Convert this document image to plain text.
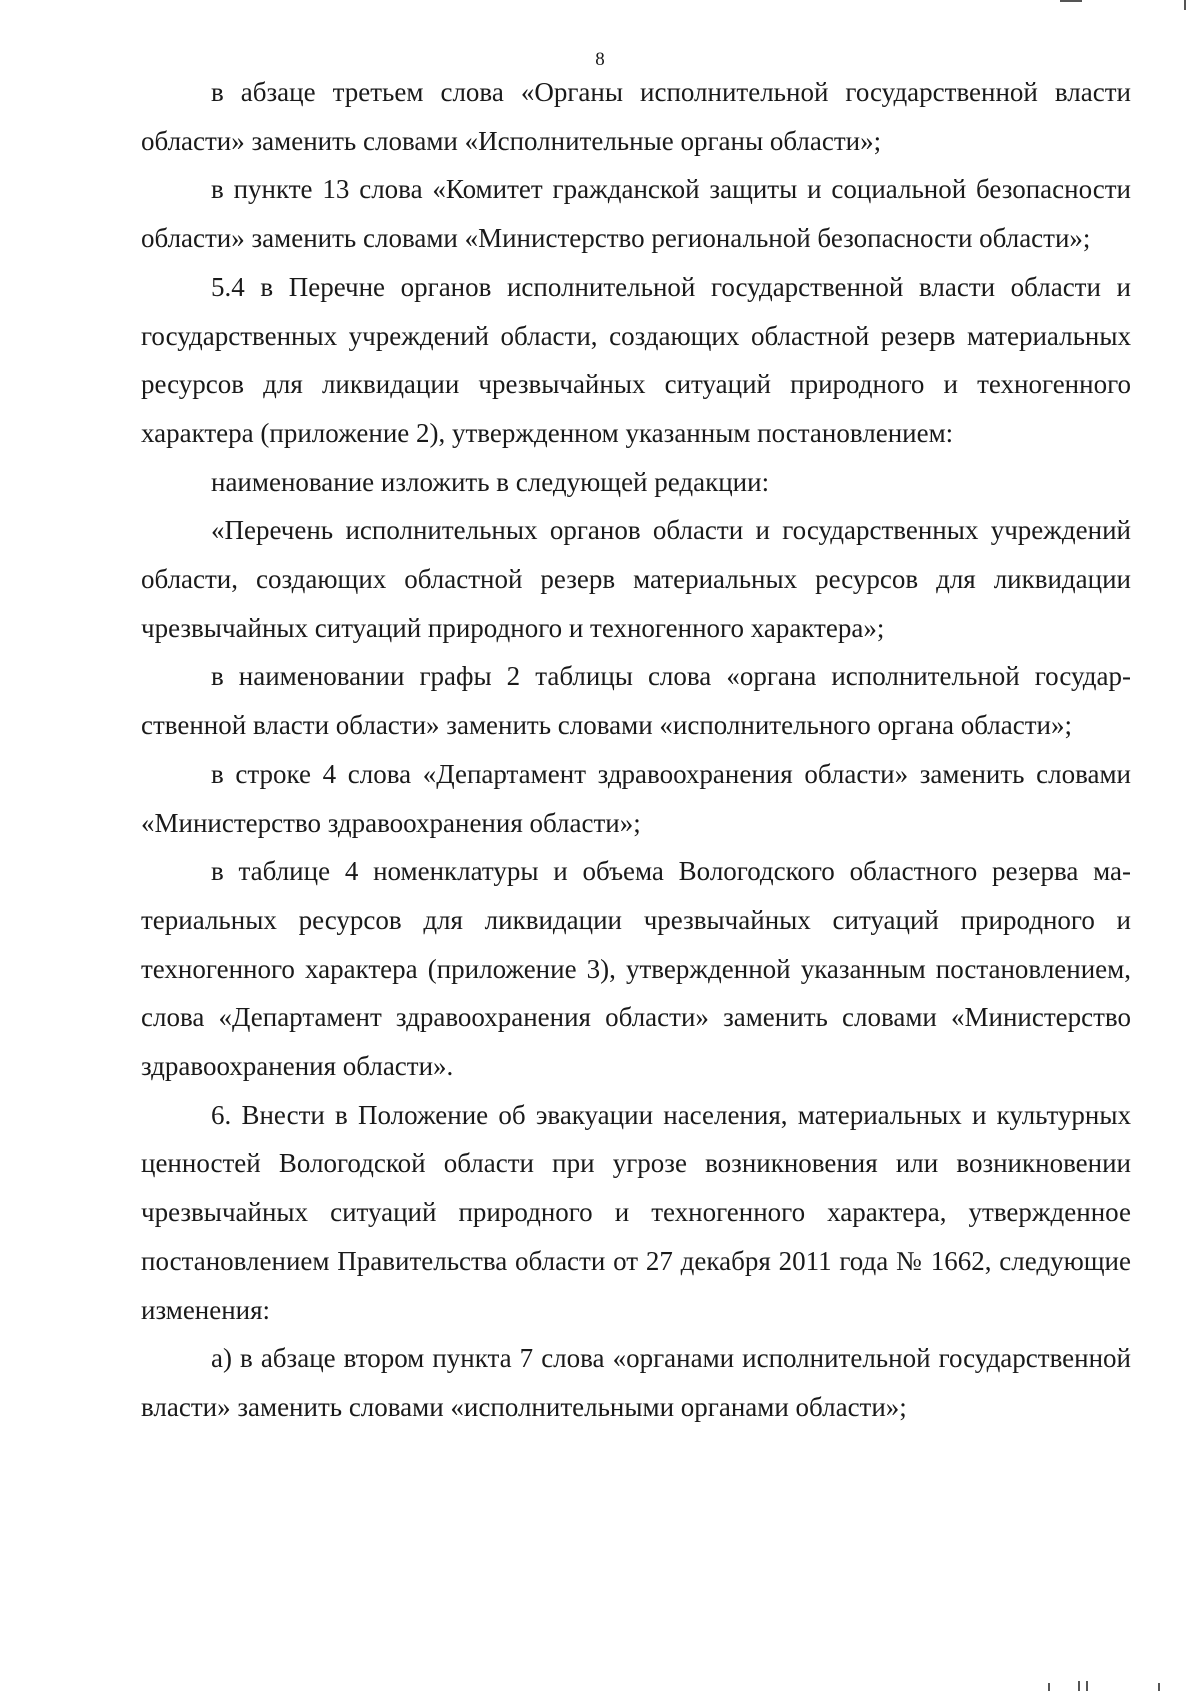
8

в абзаце третьем слова «Органы исполнительной государственной власти области» заменить словами «Исполнительные органы области»;

в пункте 13 слова «Комитет гражданской защиты и социальной безопасности области» заменить словами «Министерство региональной безопасности области»;

5.4 в Перечне органов исполнительной государственной власти области и государственных учреждений области, создающих областной резерв материальных ресурсов для ликвидации чрезвычайных ситуаций природного и техногенного характера (приложение 2), утвержденном указанным постановлением:

наименование изложить в следующей редакции:

«Перечень исполнительных органов области и государственных учреждений области, создающих областной резерв материальных ресурсов для ликвидации чрезвычайных ситуаций природного и техногенного характера»;

в наименовании графы 2 таблицы слова «органа исполнительной государственной власти области» заменить словами «исполнительного органа области»;

в строке 4 слова «Департамент здравоохранения области» заменить словами «Министерство здравоохранения области»;

в таблице 4 номенклатуры и объема Вологодского областного резерва материальных ресурсов для ликвидации чрезвычайных ситуаций природного и техногенного характера (приложение 3), утвержденной указанным постановлением, слова «Департамент здравоохранения области» заменить словами «Министерство здравоохранения области».

6. Внести в Положение об эвакуации населения, материальных и культурных ценностей Вологодской области при угрозе возникновения или возникновении чрезвычайных ситуаций природного и техногенного характера, утвержденное постановлением Правительства области от 27 декабря 2011 года № 1662, следующие изменения:

а) в абзаце втором пункта 7 слова «органами исполнительной государственной власти» заменить словами «исполнительными органами области»;
